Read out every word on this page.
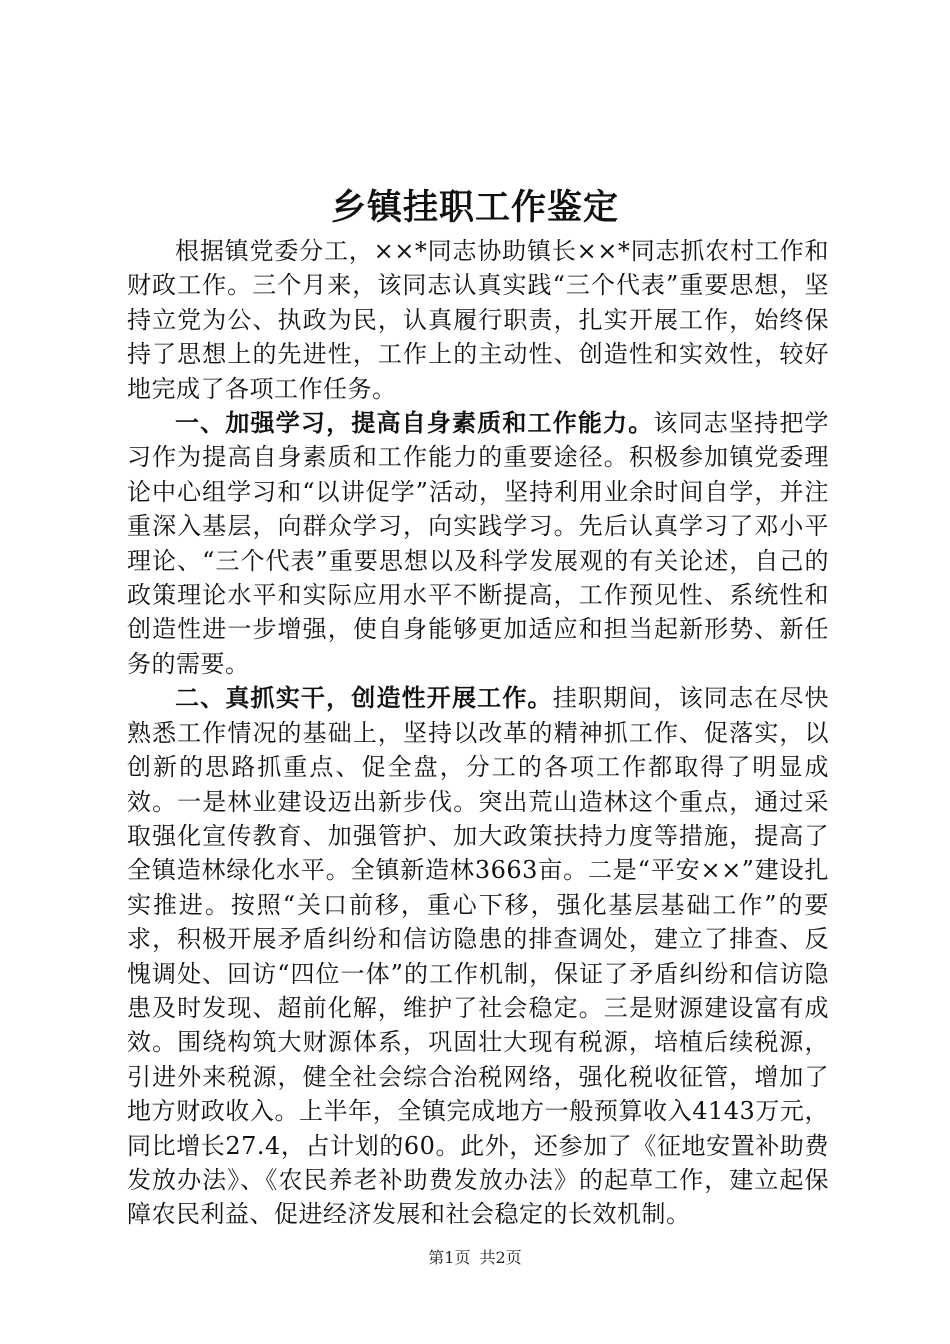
乡镇挂职工作鉴定

根据镇党委分工，××*同志协助镇长××*同志抓农村工作和财政工作。三个月来，该同志认真实践“三个代表”重要思想，坚持立党为公、执政为民，认真履行职责，扎实开展工作，始终保持了思想上的先进性，工作上的主动性、创造性和实效性，较好地完成了各项工作任务。

一、加强学习，提高自身素质和工作能力。该同志坚持把学习作为提高自身素质和工作能力的重要途径。积极参加镇党委理论中心组学习和“以讲促学”活动，坚持利用业余时间自学，并注重深入基层，向群众学习，向实践学习。先后认真学习了邓小平理论、“三个代表”重要思想以及科学发展观的有关论述，自己的政策理论水平和实际应用水平不断提高，工作预见性、系统性和创造性进一步增强，使自身能够更加适应和担当起新形势、新任务的需要。

二、真抓实干，创造性开展工作。挂职期间，该同志在尽快熟悉工作情况的基础上，坚持以改革的精神抓工作、促落实，以创新的思路抓重点、促全盘，分工的各项工作都取得了明显成效。一是林业建设迈出新步伐。突出荒山造林这个重点，通过采取强化宣传教育、加强管护、加大政策扶持力度等措施，提高了全镇造林绿化水平。全镇新造林3663亩。二是“平安××”建设扎实推进。按照“关口前移，重心下移，强化基层基础工作”的要求，积极开展矛盾纠纷和信访隐患的排查调处，建立了排查、反愧调处、回访“四位一体”的工作机制，保证了矛盾纠纷和信访隐患及时发现、超前化解，维护了社会稳定。三是财源建设富有成效。围绕构筑大财源体系，巩固壮大现有税源，培植后续税源，引进外来税源，健全社会综合治税网络，强化税收征管，增加了地方财政收入。上半年，全镇完成地方一般预算收入4143万元，同比增长27.4，占计划的60。此外，还参加了《征地安置补助费发放办法》、《农民养老补助费发放办法》的起草工作，建立起保障农民利益、促进经济发展和社会稳定的长效机制。

第1页 共2页
